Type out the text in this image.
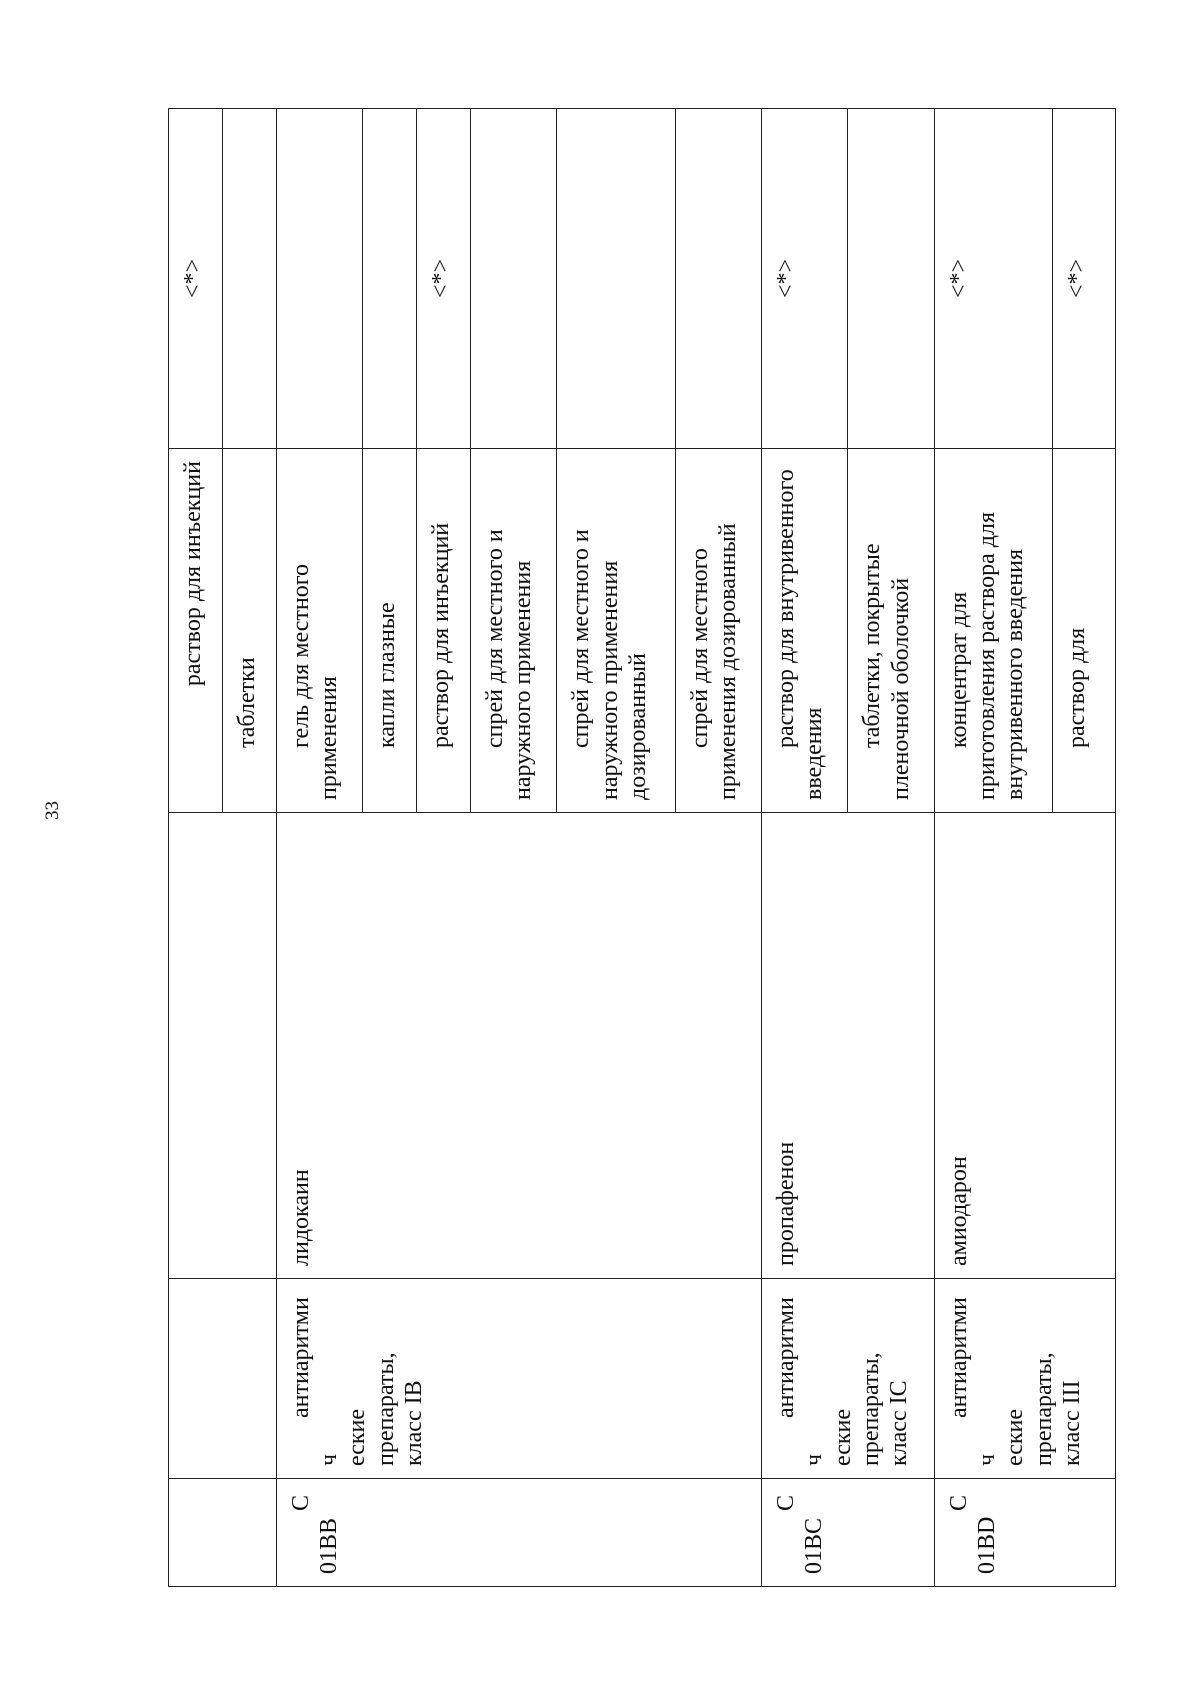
33
			раствор для инъекций	<*>
			таблетки	

С
01ВВ	антиаритмич еские препараты, класс IВ	лидокаин	гель для местного применения	
			капли глазные	
			раствор для инъекций	<*>
			спрей для местного и наружного применения	
			спрей для местного и наружного применения дозированный	
			спрей для местного применения дозированный	

С
01ВС	антиаритмич еские препараты, класс IС	пропафенон	раствор для внутривенного введения	<*>
			таблетки, покрытые пленочной оболочкой	

С
01ВD	антиаритмич еские препараты, класс III	амиодарон	концентрат для приготовления раствора для внутривенного введения	<*>
			раствор для	<*>
